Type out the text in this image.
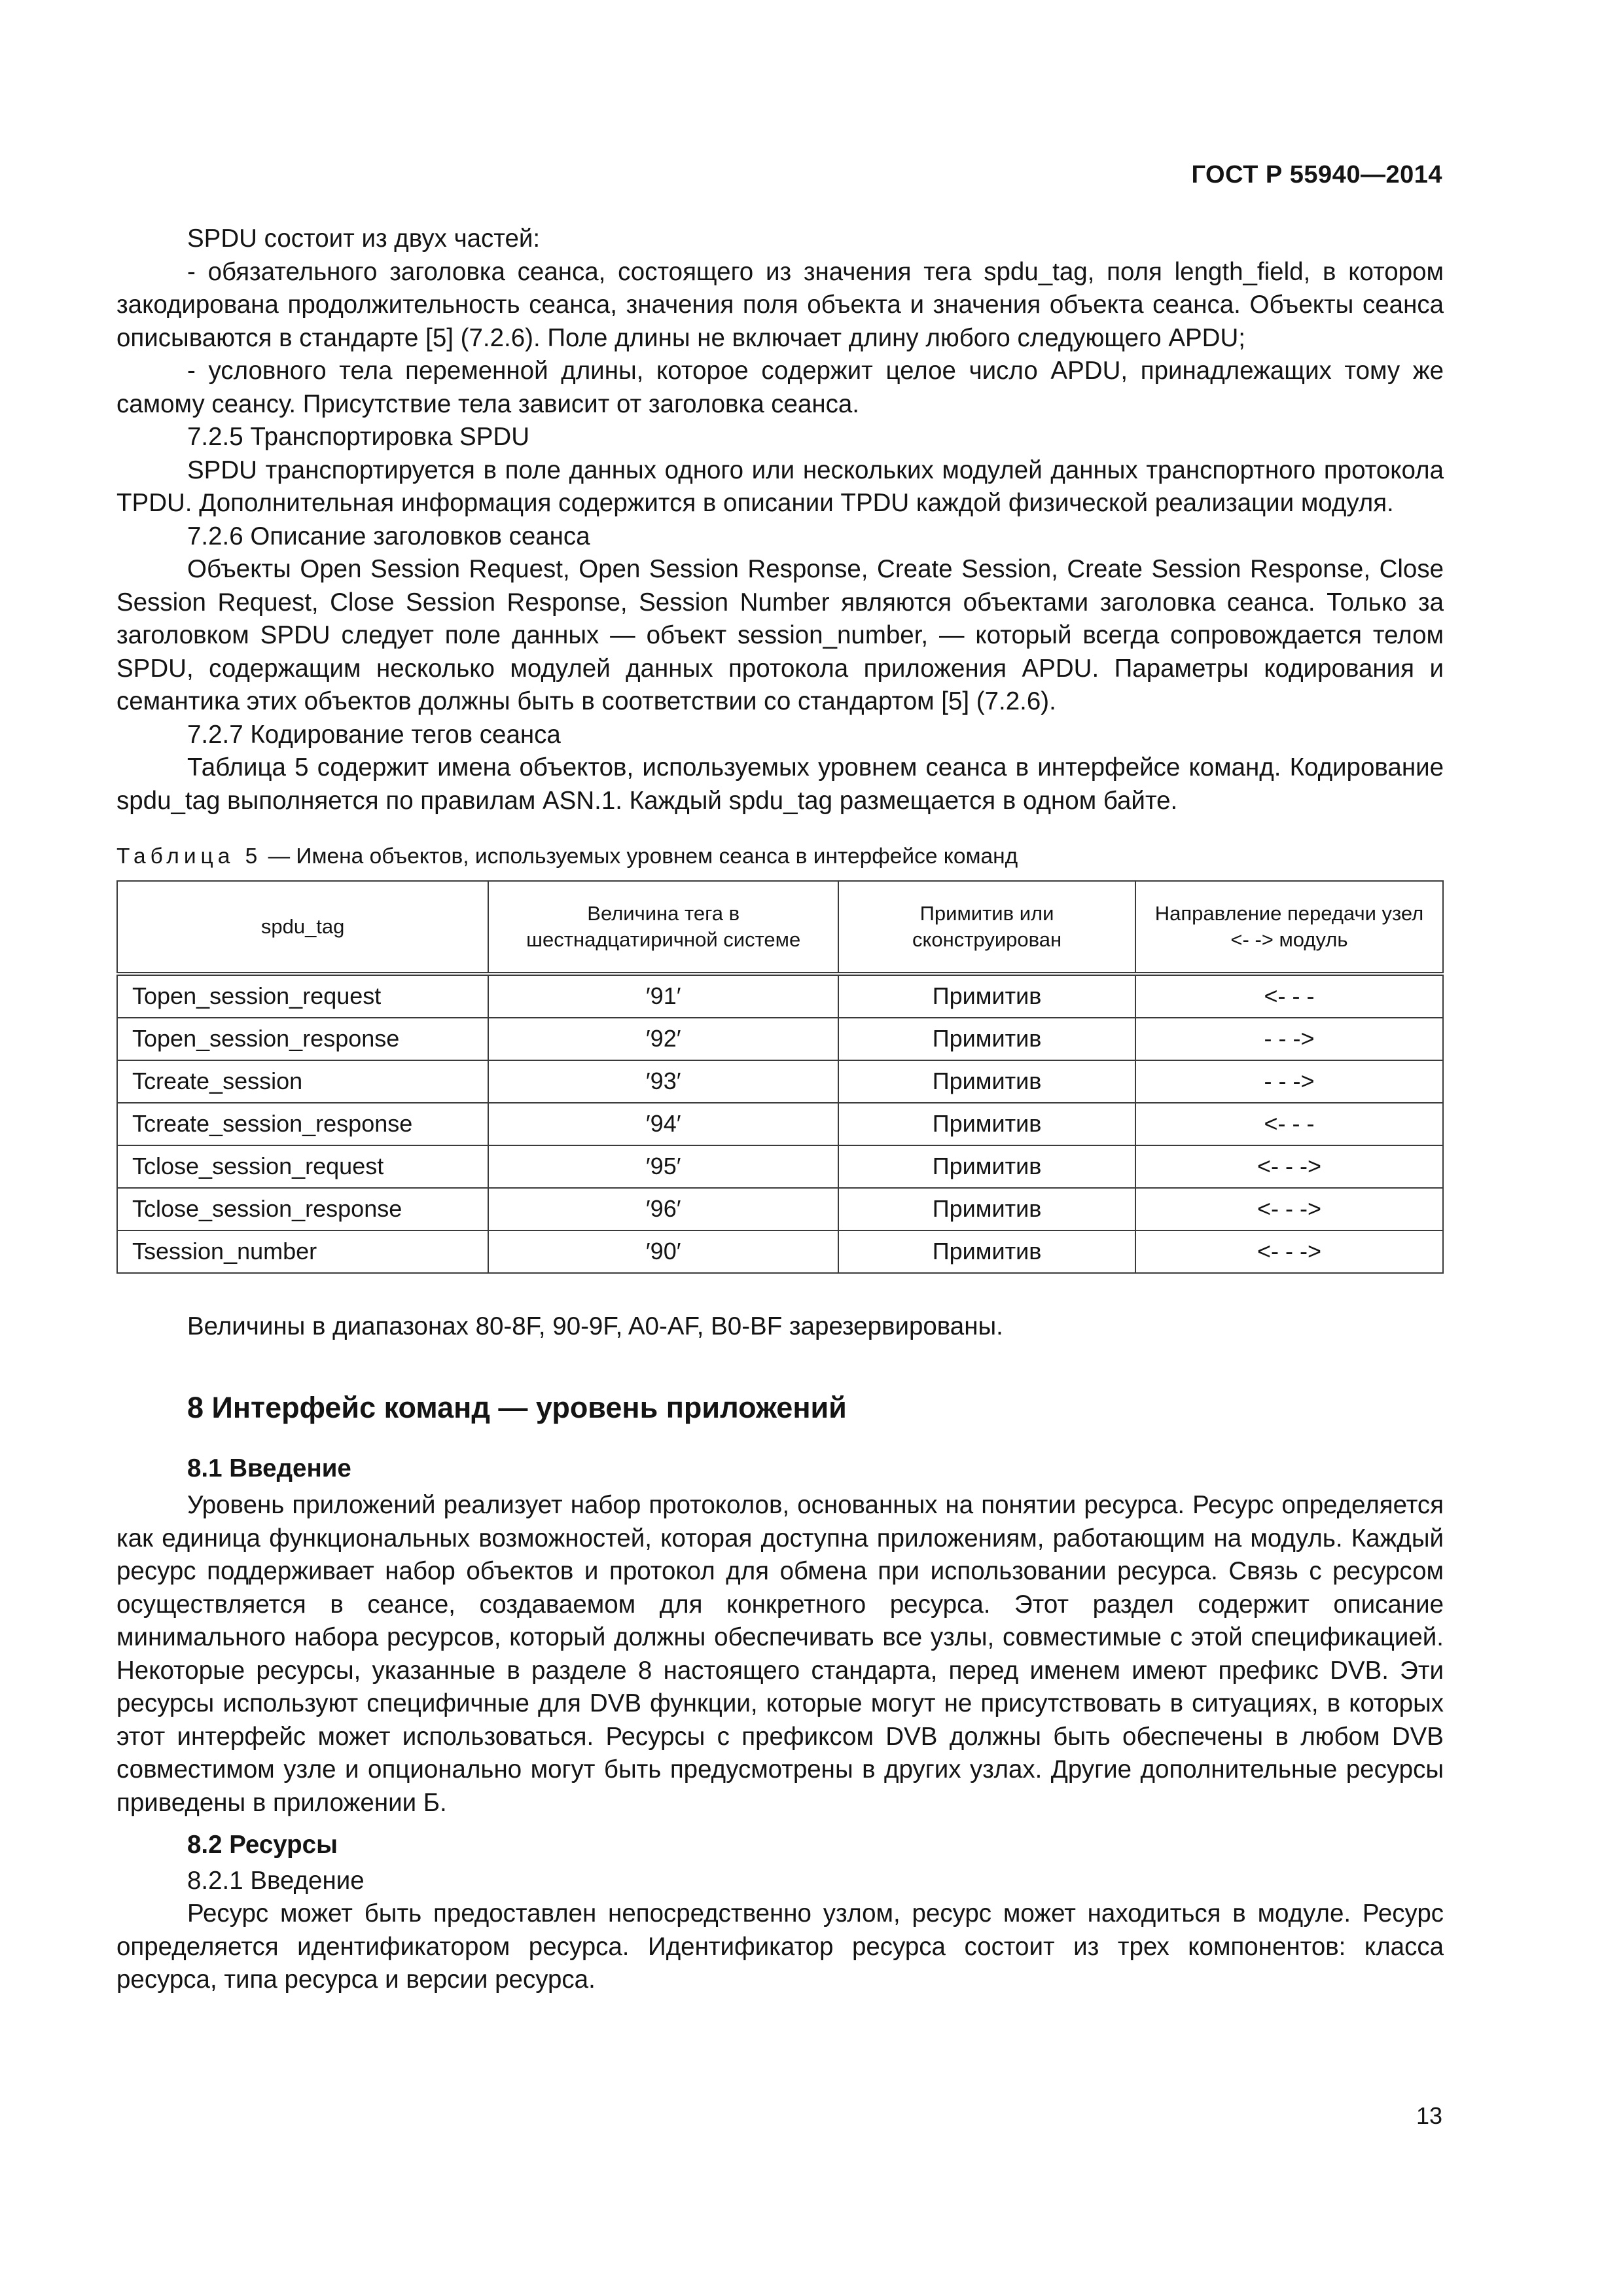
ГОСТ Р 55940—2014

SPDU состоит из двух частей:

- обязательного заголовка сеанса, состоящего из значения тега spdu_tag, поля length_field, в котором закодирована продолжительность сеанса, значения поля объекта и значения объекта сеанса. Объекты сеанса описываются в стандарте [5] (7.2.6). Поле длины не включает длину любого следующего APDU;

- условного тела переменной длины, которое содержит целое число APDU, принадлежащих тому же самому сеансу. Присутствие тела зависит от заголовка сеанса.

7.2.5 Транспортировка SPDU

SPDU транспортируется в поле данных одного или нескольких модулей данных транспортного протокола TPDU. Дополнительная информация содержится в описании TPDU каждой физической реализации модуля.

7.2.6 Описание заголовков сеанса

Объекты Open Session Request, Open Session Response, Create Session, Create Session Response, Close Session Request, Close Session Response, Session Number являются объектами заголовка сеанса. Только за заголовком SPDU следует поле данных — объект session_number, — который всегда сопровождается телом SPDU, содержащим несколько модулей данных протокола приложения APDU. Параметры кодирования и семантика этих объектов должны быть в соответствии со стандартом [5] (7.2.6).

7.2.7 Кодирование тегов сеанса

Таблица 5 содержит имена объектов, используемых уровнем сеанса в интерфейсе команд. Кодирование spdu_tag выполняется по правилам ASN.1. Каждый spdu_tag размещается в одном байте.

Таблица 5 — Имена объектов, используемых уровнем сеанса в интерфейсе команд

spdu_tag	Величина тега в шестнадцатиричной системе	Примитив или сконструирован	Направление передачи узел <- -> модуль
Topen_session_request	′91′	Примитив	<- - -
Topen_session_response	′92′	Примитив	- - ->
Tcreate_session	′93′	Примитив	- - ->
Tcreate_session_response	′94′	Примитив	<- - -
Tclose_session_request	′95′	Примитив	<- - ->
Tclose_session_response	′96′	Примитив	<- - ->
Tsession_number	′90′	Примитив	<- - ->

Величины в диапазонах 80-8F, 90-9F, A0-AF, B0-BF зарезервированы.

8 Интерфейс команд — уровень приложений

8.1 Введение

Уровень приложений реализует набор протоколов, основанных на понятии ресурса. Ресурс определяется как единица функциональных возможностей, которая доступна приложениям, работающим на модуль. Каждый ресурс поддерживает набор объектов и протокол для обмена при использовании ресурса. Связь с ресурсом осуществляется в сеансе, создаваемом для конкретного ресурса. Этот раздел содержит описание минимального набора ресурсов, который должны обеспечивать все узлы, совместимые с этой спецификацией. Некоторые ресурсы, указанные в разделе 8 настоящего стандарта, перед именем имеют префикс DVB. Эти ресурсы используют специфичные для DVB функции, которые могут не присутствовать в ситуациях, в которых этот интерфейс может использоваться. Ресурсы с префиксом DVB должны быть обеспечены в любом DVB совместимом узле и опционально могут быть предусмотрены в других узлах. Другие дополнительные ресурсы приведены в приложении Б.

8.2 Ресурсы

8.2.1 Введение

Ресурс может быть предоставлен непосредственно узлом, ресурс может находиться в модуле. Ресурс определяется идентификатором ресурса. Идентификатор ресурса состоит из трех компонентов: класса ресурса, типа ресурса и версии ресурса.

13
